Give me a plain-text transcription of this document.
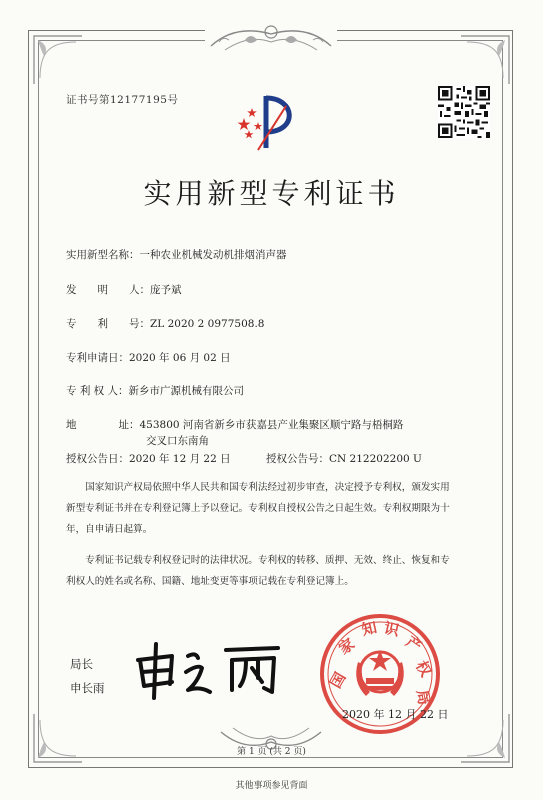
证书号第12177195号
实用新型专利证书
实用新型名称：一种农业机械发动机排烟消声器
发　　明　　人：庞予斌
专　　利　　号：ZL 2020 2 0977508.8
专利申请日：2020 年 06 月 02 日
专 利 权 人：新乡市广源机械有限公司
地　　　　址：453800 河南省新乡市获嘉县产业集聚区顺宁路与梧桐路
交叉口东南角
授权公告日：2020 年 12 月 22 日	授权公告号：CN 212202200 U
国家知识产权局依照中华人民共和国专利法经过初步审查，决定授予专利权，颁发实用
新型专利证书并在专利登记簿上予以登记。专利权自授权公告之日起生效。专利权期限为十
年，自申请日起算。
专利证书记载专利权登记时的法律状况。专利权的转移、质押、无效、终止、恢复和专
利权人的姓名或名称、国籍、地址变更等事项记载在专利登记簿上。
局长
申长雨	国
家
知 识
产
权
局
2020 年 12 月 22 日
第 1 页 (共 2 页)
其他事项参见背面
